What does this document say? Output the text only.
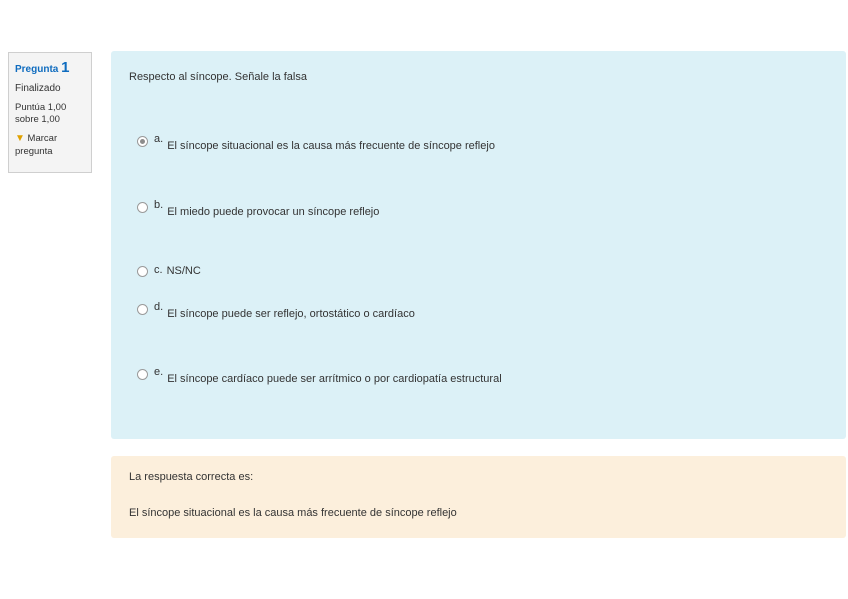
Pregunta 1
Finalizado
Puntúa 1,00
sobre 1,00
▼ Marcar
pregunta
Respecto al síncope. Señale la falsa
a.
El síncope situacional es la causa más frecuente de síncope reflejo
b.
El miedo puede provocar un síncope reflejo
c. NS/NC
d.
El síncope puede ser reflejo, ortostático o cardíaco
e.
El síncope cardíaco puede ser arrítmico o por cardiopatía estructural
La respuesta correcta es:
El síncope situacional es la causa más frecuente de síncope reflejo
